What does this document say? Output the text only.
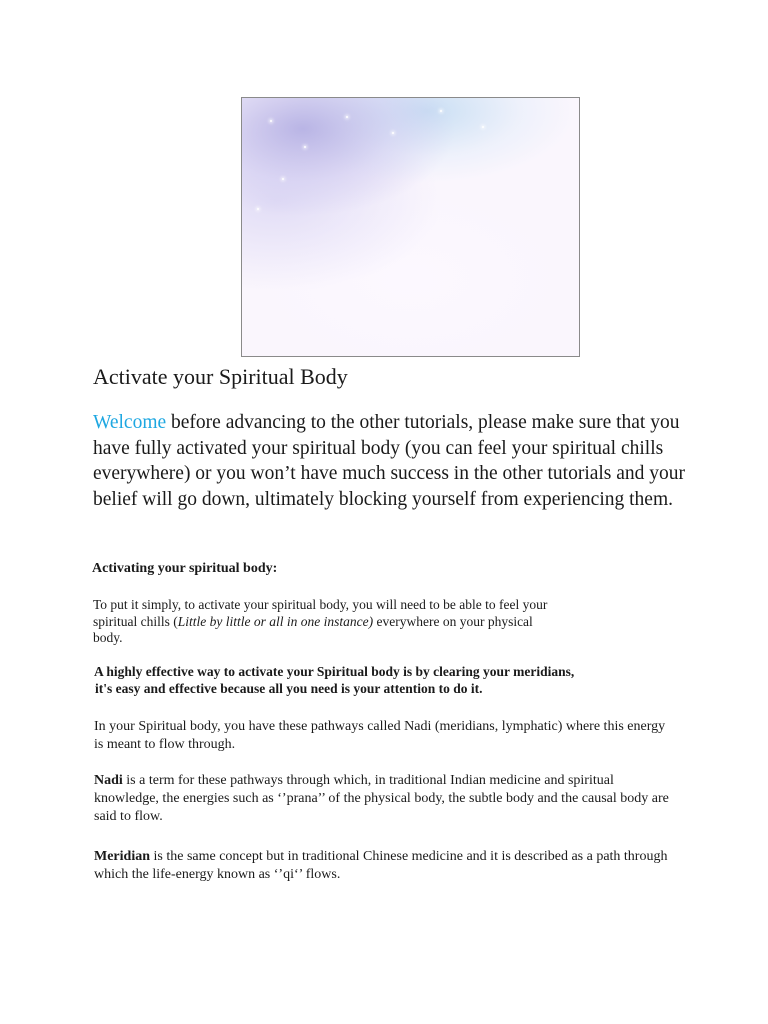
Activate your Spiritual Body

Welcome before advancing to the other tutorials, please make sure that you have fully activated your spiritual body (you can feel your spiritual chills everywhere) or you won’t have much success in the other tutorials and your belief will go down, ultimately blocking yourself from experiencing them.

Activating your spiritual body:

To put it simply, to activate your spiritual body, you will need to be able to feel your spiritual chills (Little by little or all in one instance) everywhere on your physical body.

A highly effective way to activate your Spiritual body is by clearing your meridians,
it's easy and effective because all you need is your attention to do it.

In your Spiritual body, you have these pathways called Nadi (meridians, lymphatic) where this energy is meant to flow through.

Nadi is a term for these pathways through which, in traditional Indian medicine and spiritual knowledge, the energies such as ‘’prana’’ of the physical body, the subtle body and the causal body are said to flow.

Meridian is the same concept but in traditional Chinese medicine and it is described as a path through which the life-energy known as ‘’qi‘’ flows.
